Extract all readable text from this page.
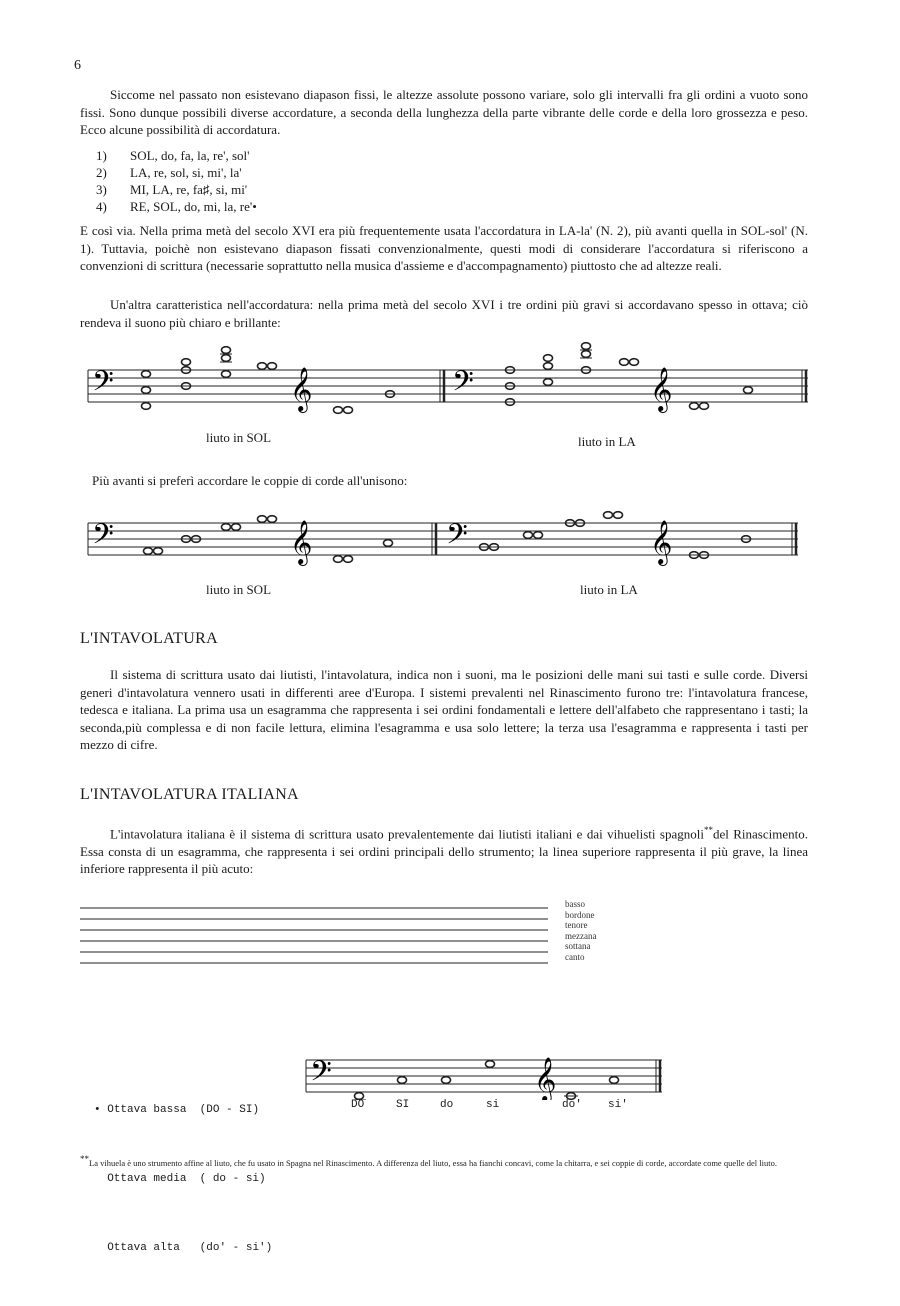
6
Siccome nel passato non esistevano diapason fissi, le altezze assolute possono variare, solo gli intervalli fra gli ordini a vuoto sono fissi. Sono dunque possibili diverse accordature, a seconda della lunghezza della parte vibrante delle corde e della loro grossezza e peso. Ecco alcune possibilità di accordatura.
1) SOL, do, fa, la, re', sol'
2) LA, re, sol, si, mi', la'
3) MI, LA, re, fa♯, si, mi'
4) RE, SOL, do, mi, la, re'•
E così via. Nella prima metà del secolo XVI era più frequentemente usata l'accordatura in LA-la' (N. 2), più avanti quella in SOL-sol' (N. 1). Tuttavia, poichè non esistevano diapason fissati convenzionalmente, questi modi di considerare l'accordatura si riferiscono a convenzioni di scrittura (necessarie soprattutto nella musica d'assieme e d'accompagnamento) piuttosto che ad altezze reali.
Un'altra caratteristica nell'accordatura: nella prima metà del secolo XVI i tre ordini più gravi si accordavano spesso in ottava; ciò rendeva il suono più chiaro e brillante:
𝄢	𝄞	𝄢	𝄞
liuto in SOL	liuto in LA
Più avanti si preferì accordare le coppie di corde all'unisono:
𝄢	𝄞	𝄢	𝄞
liuto in SOL	liuto in LA
L'INTAVOLATURA
Il sistema di scrittura usato dai liutisti, l'intavolatura, indica non i suoni, ma le posizioni delle mani sui tasti e sulle corde. Diversi generi d'intavolatura vennero usati in differenti aree d'Europa. I sistemi prevalenti nel Rinascimento furono tre: l'intavolatura francese, tedesca e italiana. La prima usa un esagramma che rappresenta i sei ordini fondamentali e lettere dell'alfabeto che rappresentano i tasti; la seconda,più complessa e di non facile lettura, elimina l'esagramma e usa solo lettere; la terza usa l'esagramma e rappresenta i tasti per mezzo di cifre.
L'INTAVOLATURA ITALIANA
L'intavolatura italiana è il sistema di scrittura usato prevalentemente dai liutisti italiani e dai vihuelisti spagnoli**del Rinascimento. Essa consta di un esagramma, che rappresenta i sei ordini principali dello strumento; la linea superiore rappresenta il più grave, la linea inferiore rappresenta il più acuto:
basso
bordone
tenore
mezzana
sottana
canto

• Ottava bassa (DO - SI)

Ottava media ( do - si)

Ottava alta (do' - si')

𝄢	𝄞
DO	SI	do	si	do' si'
**La vihuela è uno strumento affine al liuto, che fu usato in Spagna nel Rinascimento. A differenza del liuto, essa ha fianchi concavi, come la chitarra, e sei coppie di corde, accordate come quelle del liuto.
